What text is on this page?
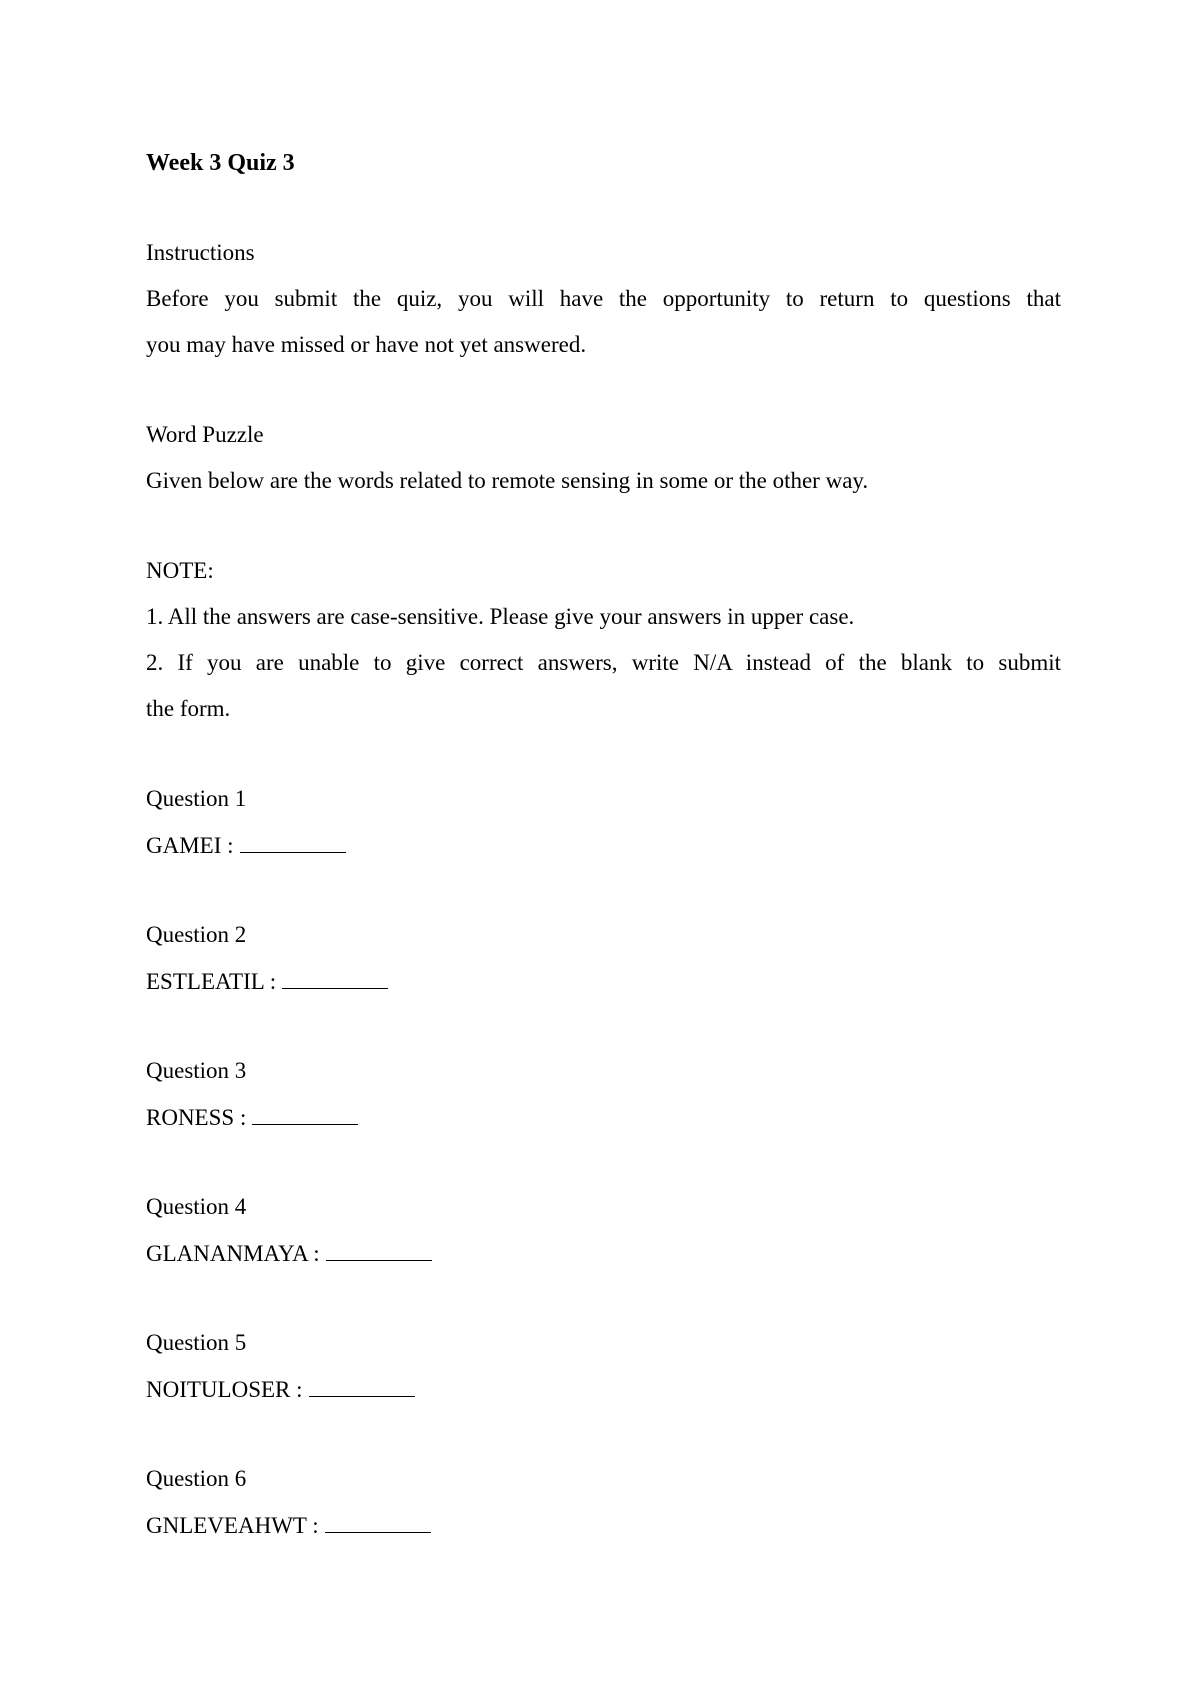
Week 3 Quiz 3
Instructions
Before you submit the quiz, you will have the opportunity to return to questions that
you may have missed or have not yet answered.
Word Puzzle
Given below are the words related to remote sensing in some or the other way.
NOTE:
1. All the answers are case-sensitive. Please give your answers in upper case.
2. If you are unable to give correct answers, write N/A instead of the blank to submit
the form.
Question 1
GAMEI :
Question 2
ESTLEATIL :
Question 3
RONESS :
Question 4
GLANANMAYA :
Question 5
NOITULOSER :
Question 6
GNLEVEAHWT :
